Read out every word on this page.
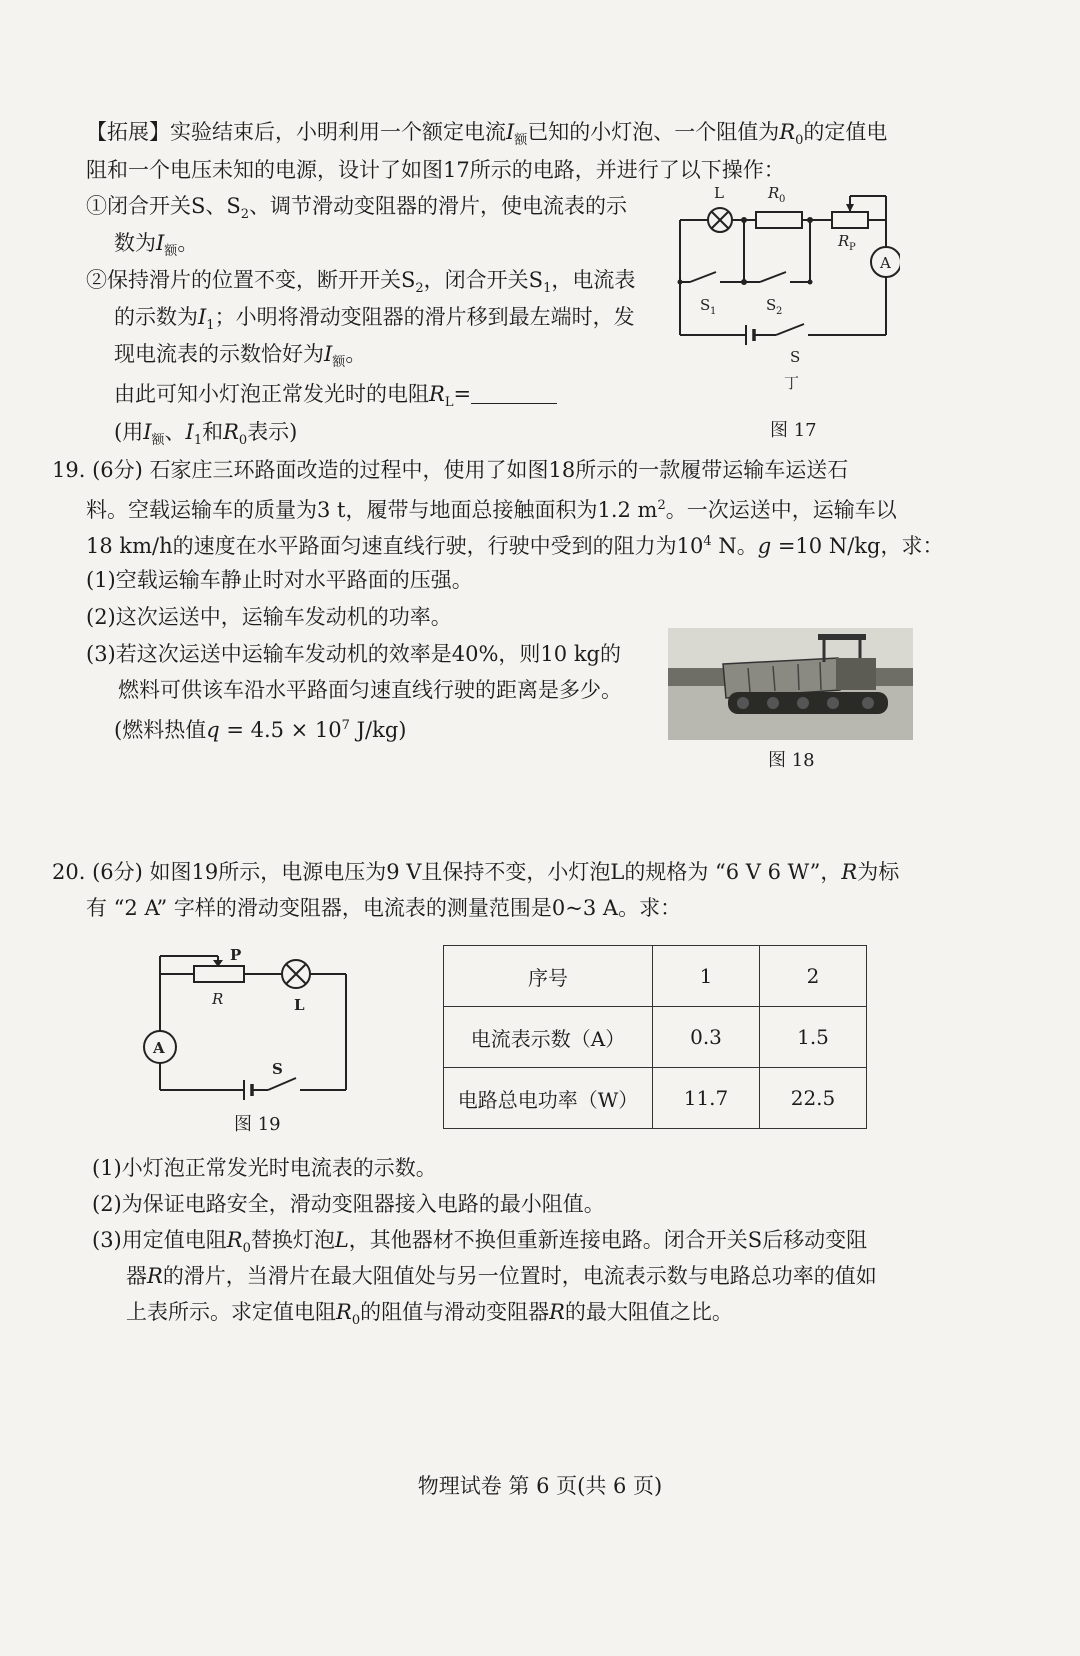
【拓展】实验结束后，小明利用一个额定电流$I_额$已知的小灯泡、一个阻值为$R_0$的定值电
阻和一个电压未知的电源，设计了如图17所示的电路，并进行了以下操作：
①闭合开关S、$S_2$、调节滑动变阻器的滑片，使电流表的示
数为$I_额$。
②保持滑片的位置不变，断开开关$S_2$，闭合开关$S_1$，电流表
的示数为$I_1$；小明将滑动变阻器的滑片移到最左端时，发
现电流表的示数恰好为$I_额$。
由此可知小灯泡正常发光时的电阻$R_L=$
(用$I_额$、$I_1$和$R_0$表示)
L	R 0
R P
A
S 1	S 2
S
丁
图 17
19. (6分) 石家庄三环路面改造的过程中，使用了如图18所示的一款履带运输车运送石
料。空载运输车的质量为3 t，履带与地面总接触面积为1.2 $m^2$。一次运送中，运输车以
18 km/h的速度在水平路面匀速直线行驶，行驶中受到的阻力为$10^4$ N。g =10 N/kg，求：
(1)空载运输车静止时对水平路面的压强。
(2)这次运送中，运输车发动机的功率。
(3)若这次运送中运输车发动机的效率是40%，则10 kg的
燃料可供该车沿水平路面匀速直线行驶的距离是多少。
(燃料热值$q = 4.5 \times 10^7$ J/kg)
图 18
20. (6分) 如图19所示，电源电压为9 V且保持不变，小灯泡L的规格为 “6 V 6 W”，R为标
有 “2 A” 字样的滑动变阻器，电流表的测量范围是0~3 A。求：
P
R	L
A
S
图 19
序号	1	2
电流表示数（A）	0.3	1.5
电路总电功率（W）	11.7	22.5
(1)小灯泡正常发光时电流表的示数。
(2)为保证电路安全，滑动变阻器接入电路的最小阻值。
(3)用定值电阻$R_0$替换灯泡L，其他器材不换但重新连接电路。闭合开关S后移动变阻
器R的滑片，当滑片在最大阻值处与另一位置时，电流表示数与电路总功率的值如
上表所示。求定值电阻$R_0$的阻值与滑动变阻器R的最大阻值之比。
物理试卷 第 6 页(共 6 页)
